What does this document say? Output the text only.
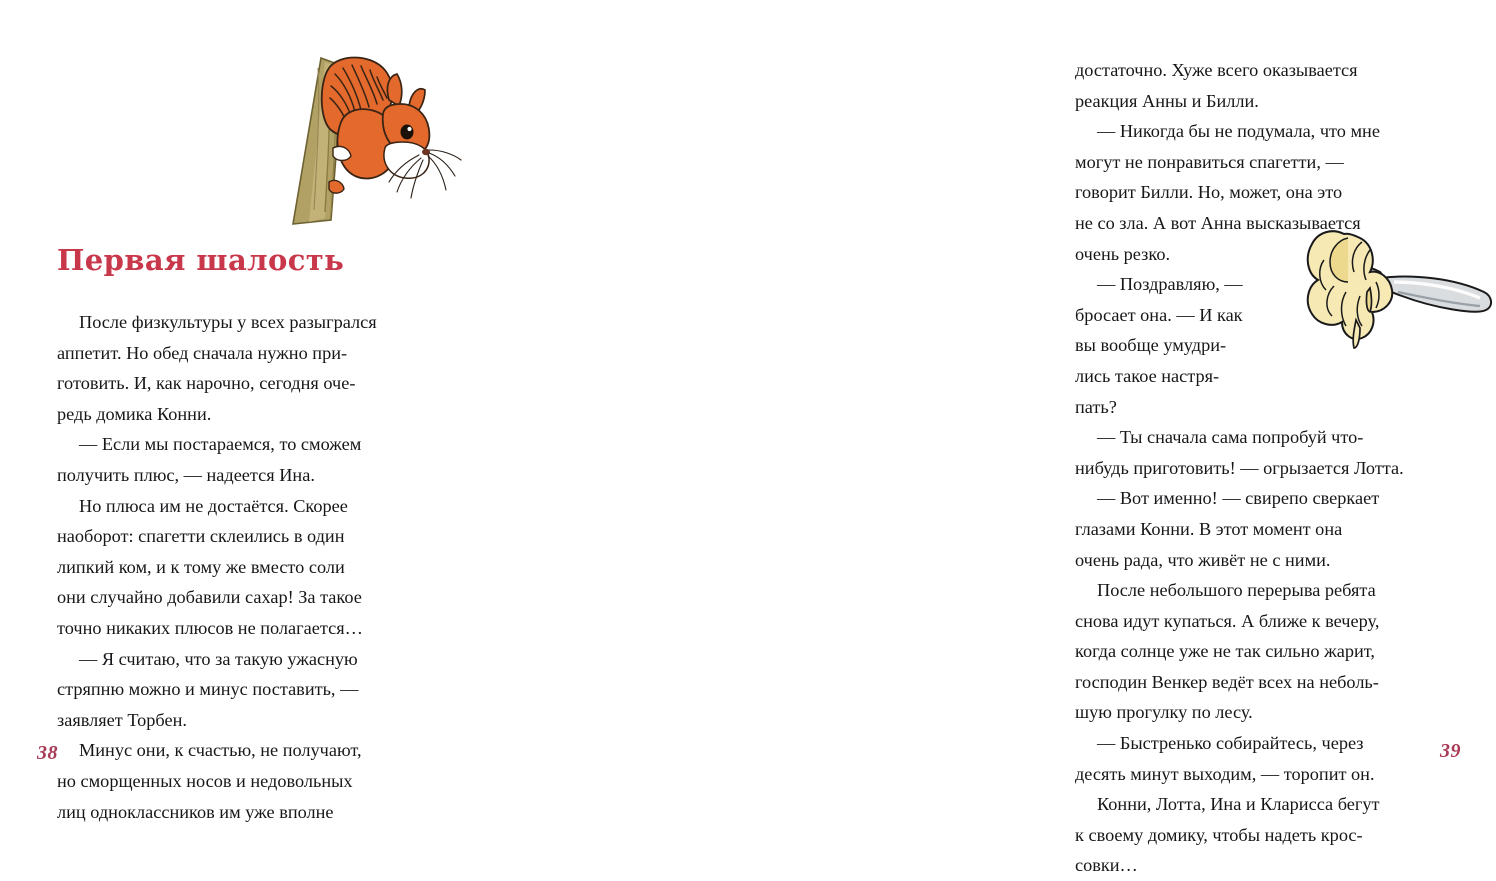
Первая шалость

После физкультуры у всех разыгрался
аппетит. Но обед сначала нужно при-
готовить. И, как нарочно, сегодня оче-
редь домика Конни.

— Если мы постараемся, то сможем
получить плюс, — надеется Ина.

Но плюса им не достаётся. Скорее
наоборот: спагетти склеились в один
липкий ком, и к тому же вместо соли
они случайно добавили сахар! За такое
точно никаких плюсов не полагается…

— Я считаю, что за такую ужасную
стряпню можно и минус поставить, —
заявляет Торбен.

Минус они, к счастью, не получают,
но сморщенных носов и недовольных
лиц одноклассников им уже вполне

38

достаточно. Хуже всего оказывается
реакция Анны и Билли.

— Никогда бы не подумала, что мне
могут не понравиться спагетти, —
говорит Билли. Но, может, она это
не со зла. А вот Анна высказывается
очень резко.

— Поздравляю, —
бросает она. — И как
вы вообще умудри-
лись такое настря-
пать?

— Ты сначала сама попробуй что-
нибудь приготовить! — огрызается Лотта.

— Вот именно! — свирепо сверкает
глазами Конни. В этот момент она
очень рада, что живёт не с ними.

После небольшого перерыва ребята
снова идут купаться. А ближе к вечеру,
когда солнце уже не так сильно жарит,
господин Венкер ведёт всех на неболь-
шую прогулку по лесу.

— Быстренько собирайтесь, через
десять минут выходим, — торопит он.

Конни, Лотта, Ина и Кларисса бегут
к своему домику, чтобы надеть крос-
совки…

39
